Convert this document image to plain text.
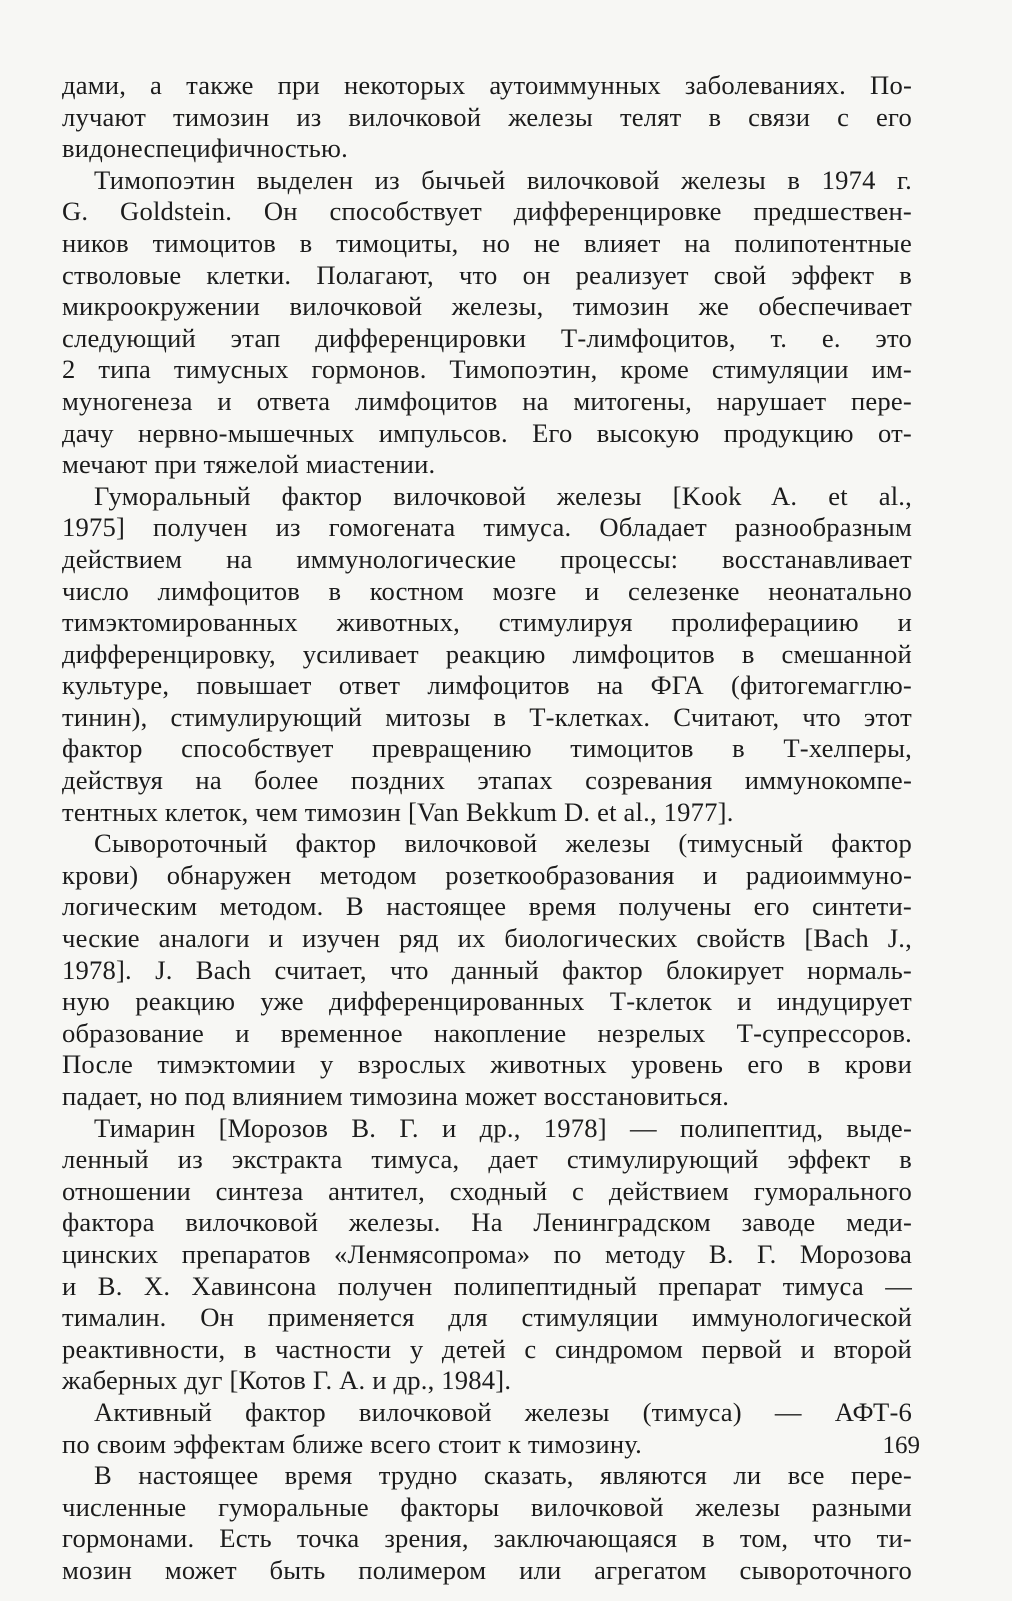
дами, а также при некоторых аутоиммунных заболеваниях. По-
лучают тимозин из вилочковой железы телят в связи с его
видонеспецифичностью.
Тимопоэтин выделен из бычьей вилочковой железы в 1974 г.
G. Goldstein. Он способствует дифференцировке предшествен-
ников тимоцитов в тимоциты, но не влияет на полипотентные
стволовые клетки. Полагают, что он реализует свой эффект в
микроокружении вилочковой железы, тимозин же обеспечивает
следующий этап дифференцировки Т-лимфоцитов, т. е. это
2 типа тимусных гормонов. Тимопоэтин, кроме стимуляции им-
муногенеза и ответа лимфоцитов на митогены, нарушает пере-
дачу нервно-мышечных импульсов. Его высокую продукцию от-
мечают при тяжелой миастении.
Гуморальный фактор вилочковой железы [Kook A. et al.,
1975] получен из гомогената тимуса. Обладает разнообразным
действием на иммунологические процессы: восстанавливает
число лимфоцитов в костном мозге и селезенке неонатально
тимэктомированных животных, стимулируя пролиферациию и
дифференцировку, усиливает реакцию лимфоцитов в смешанной
культуре, повышает ответ лимфоцитов на ФГА (фитогемагглю-
тинин), стимулирующий митозы в Т-клетках. Считают, что этот
фактор способствует превращению тимоцитов в Т-хелперы,
действуя на более поздних этапах созревания иммунокомпе-
тентных клеток, чем тимозин [Van Bekkum D. et al., 1977].
Сывороточный фактор вилочковой железы (тимусный фактор
крови) обнаружен методом розеткообразования и радиоиммуно-
логическим методом. В настоящее время получены его синтети-
ческие аналоги и изучен ряд их биологических свойств [Bach J.,
1978]. J. Bach считает, что данный фактор блокирует нормаль-
ную реакцию уже дифференцированных Т-клеток и индуцирует
образование и временное накопление незрелых Т-супрессоров.
После тимэктомии у взрослых животных уровень его в крови
падает, но под влиянием тимозина может восстановиться.
Тимарин [Морозов В. Г. и др., 1978] — полипептид, выде-
ленный из экстракта тимуса, дает стимулирующий эффект в
отношении синтеза антител, сходный с действием гуморального
фактора вилочковой железы. На Ленинградском заводе меди-
цинских препаратов «Ленмясопрома» по методу В. Г. Морозова
и В. Х. Хавинсона получен полипептидный препарат тимуса —
тималин. Он применяется для стимуляции иммунологической
реактивности, в частности у детей с синдромом первой и второй
жаберных дуг [Котов Г. А. и др., 1984].
Активный фактор вилочковой железы (тимуса) — АФТ-6
по своим эффектам ближе всего стоит к тимозину.
В настоящее время трудно сказать, являются ли все пере-
численные гуморальные факторы вилочковой железы разными
гормонами. Есть точка зрения, заключающаяся в том, что ти-
мозин может быть полимером или агрегатом сывороточного
169
